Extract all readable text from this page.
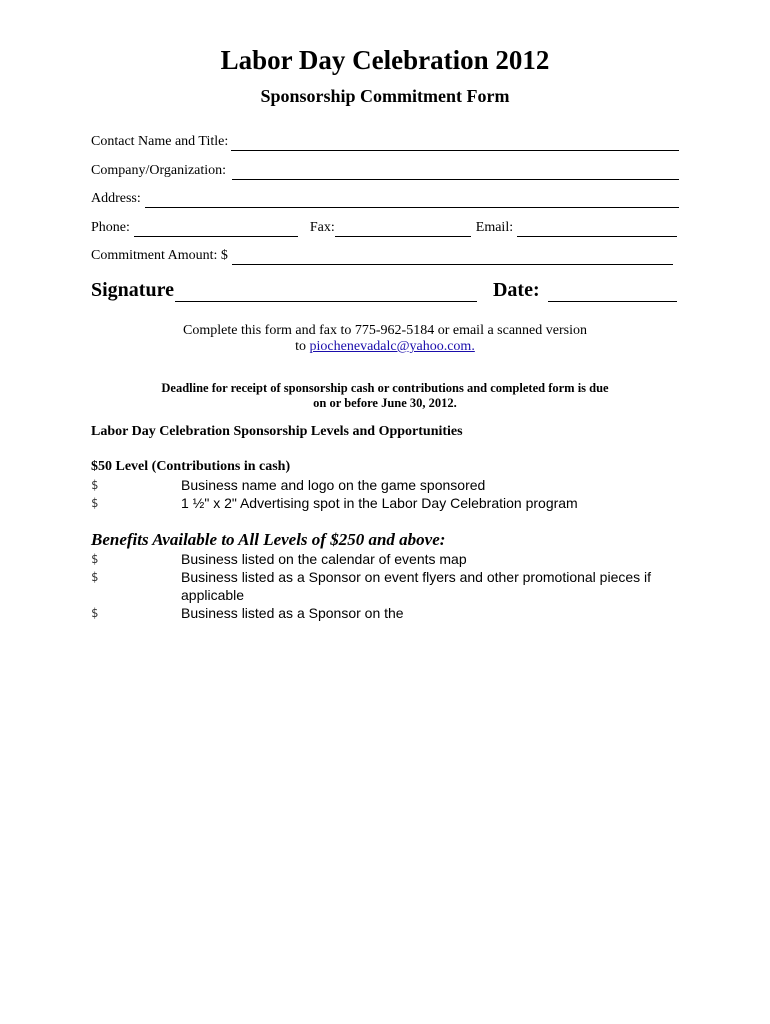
Labor Day Celebration 2012
Sponsorship Commitment Form
Contact Name and Title:
Company/Organization:
Address:
Phone:	Fax:	Email:
Commitment Amount: $
Signature	Date:
Complete this form and fax to 775-962-5184 or email a scanned version
to piochenevadalc@yahoo.com.
Deadline for receipt of sponsorship cash or contributions and completed form is due
on or before June 30, 2012.
Labor Day Celebration Sponsorship Levels and Opportunities
$50 Level (Contributions in cash)
$	Business name and logo on the game sponsored
$	1 ½" x 2" Advertising spot in the Labor Day Celebration program
Benefits Available to All Levels of $250 and above:
$	Business listed on the calendar of events map
$	Business listed as a Sponsor on event flyers and other promotional pieces if applicable
$	Business listed as a Sponsor on the
